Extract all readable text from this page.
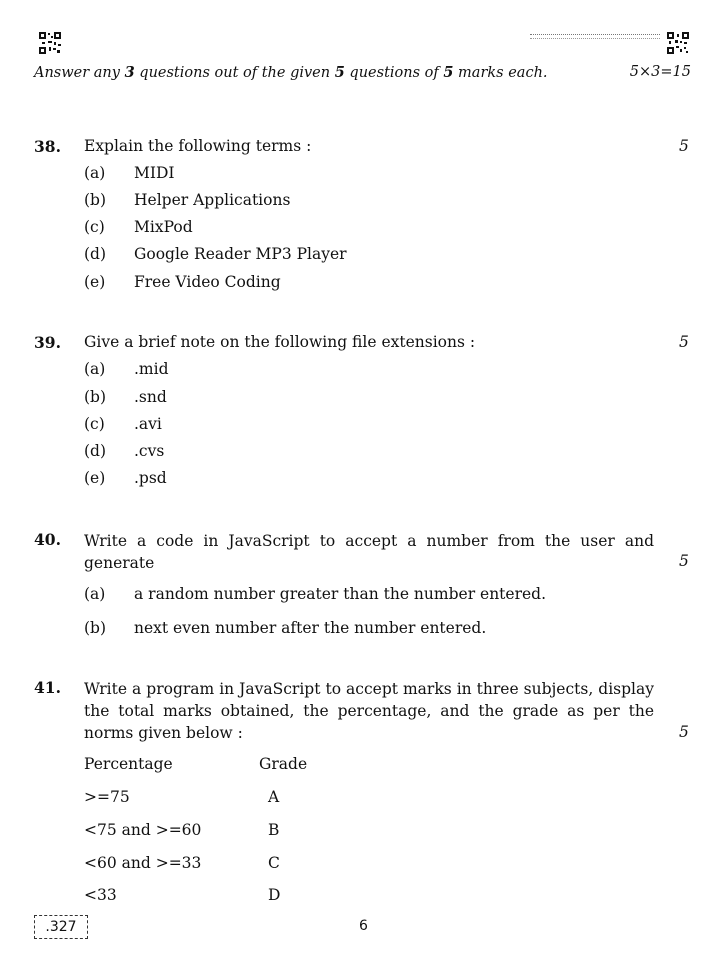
Answer any 3 questions out of the given 5 questions of 5 marks each.	5×3=15
38. Explain the following terms :	5
(a) MIDI
(b) Helper Applications
(c) MixPod
(d) Google Reader MP3 Player
(e) Free Video Coding
39. Give a brief note on the following file extensions :	5
(a) .mid
(b) .snd
(c) .avi
(d) .cvs
(e) .psd
40. Write a code in JavaScript to accept a number from the user and generate	5
(a) a random number greater than the number entered.
(b) next even number after the number entered.
41. Write a program in JavaScript to accept marks in three subjects, display the total marks obtained, the percentage, and the grade as per the norms given below :	5
Percentage	Grade
>=75	A
<75 and >=60	B
<60 and >=33	C
<33	D
.327	6
